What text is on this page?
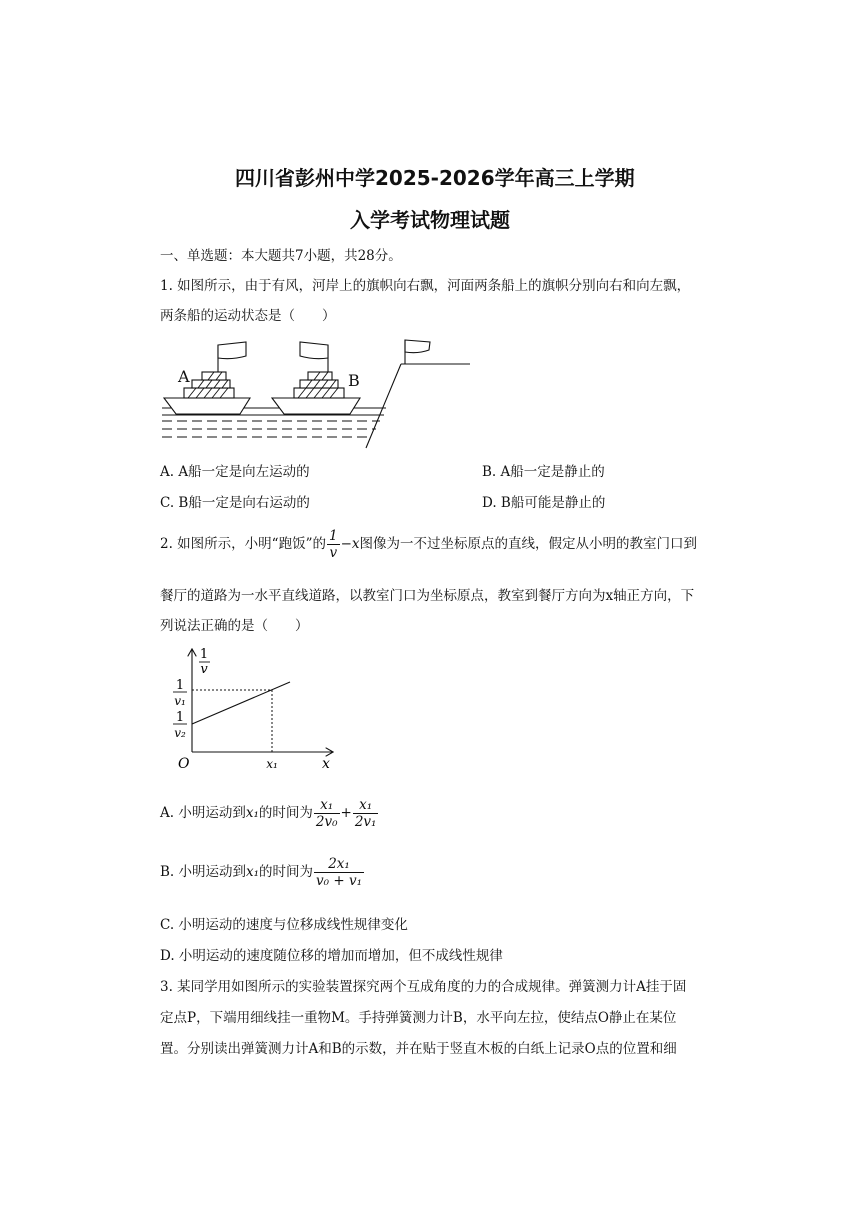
四川省彭州中学2025-2026学年高三上学期
入学考试物理试题
一、单选题：本大题共7小题，共28分。
1. 如图所示，由于有风，河岸上的旗帜向右飘，河面两条船上的旗帜分别向右和向左飘，
两条船的运动状态是（　　）
A	B
A. A船一定是向左运动的	B. A船一定是静止的
C. B船一定是向右运动的	D. B船可能是静止的
2. 如图所示，小明“跑饭”的 $\frac{1}{v} -x$图像为一不过坐标原点的直线，假定从小明的教室门口到
餐厅的道路为一水平直线道路，以教室门口为坐标原点，教室到餐厅方向为x轴正方向，下
列说法正确的是（　　）
1
v
1
v₁
1
v₂
O	x₁	x
A. 小明运动到x₁的时间为 $\frac{\text{x₁}}{\text{2v₀}} + \frac{\text{x₁}}{\text{2v₁}}$
B. 小明运动到x₁的时间为 $\frac{\text{2x₁}}{\text{v₀ + v₁}}$
C. 小明运动的速度与位移成线性规律变化
D. 小明运动的速度随位移的增加而增加，但不成线性规律
3. 某同学用如图所示的实验装置探究两个互成角度的力的合成规律。弹簧测力计A挂于固
定点P，下端用细线挂一重物M。手持弹簧测力计B，水平向左拉，使结点O静止在某位
置。分别读出弹簧测力计A和B的示数，并在贴于竖直木板的白纸上记录O点的位置和细
